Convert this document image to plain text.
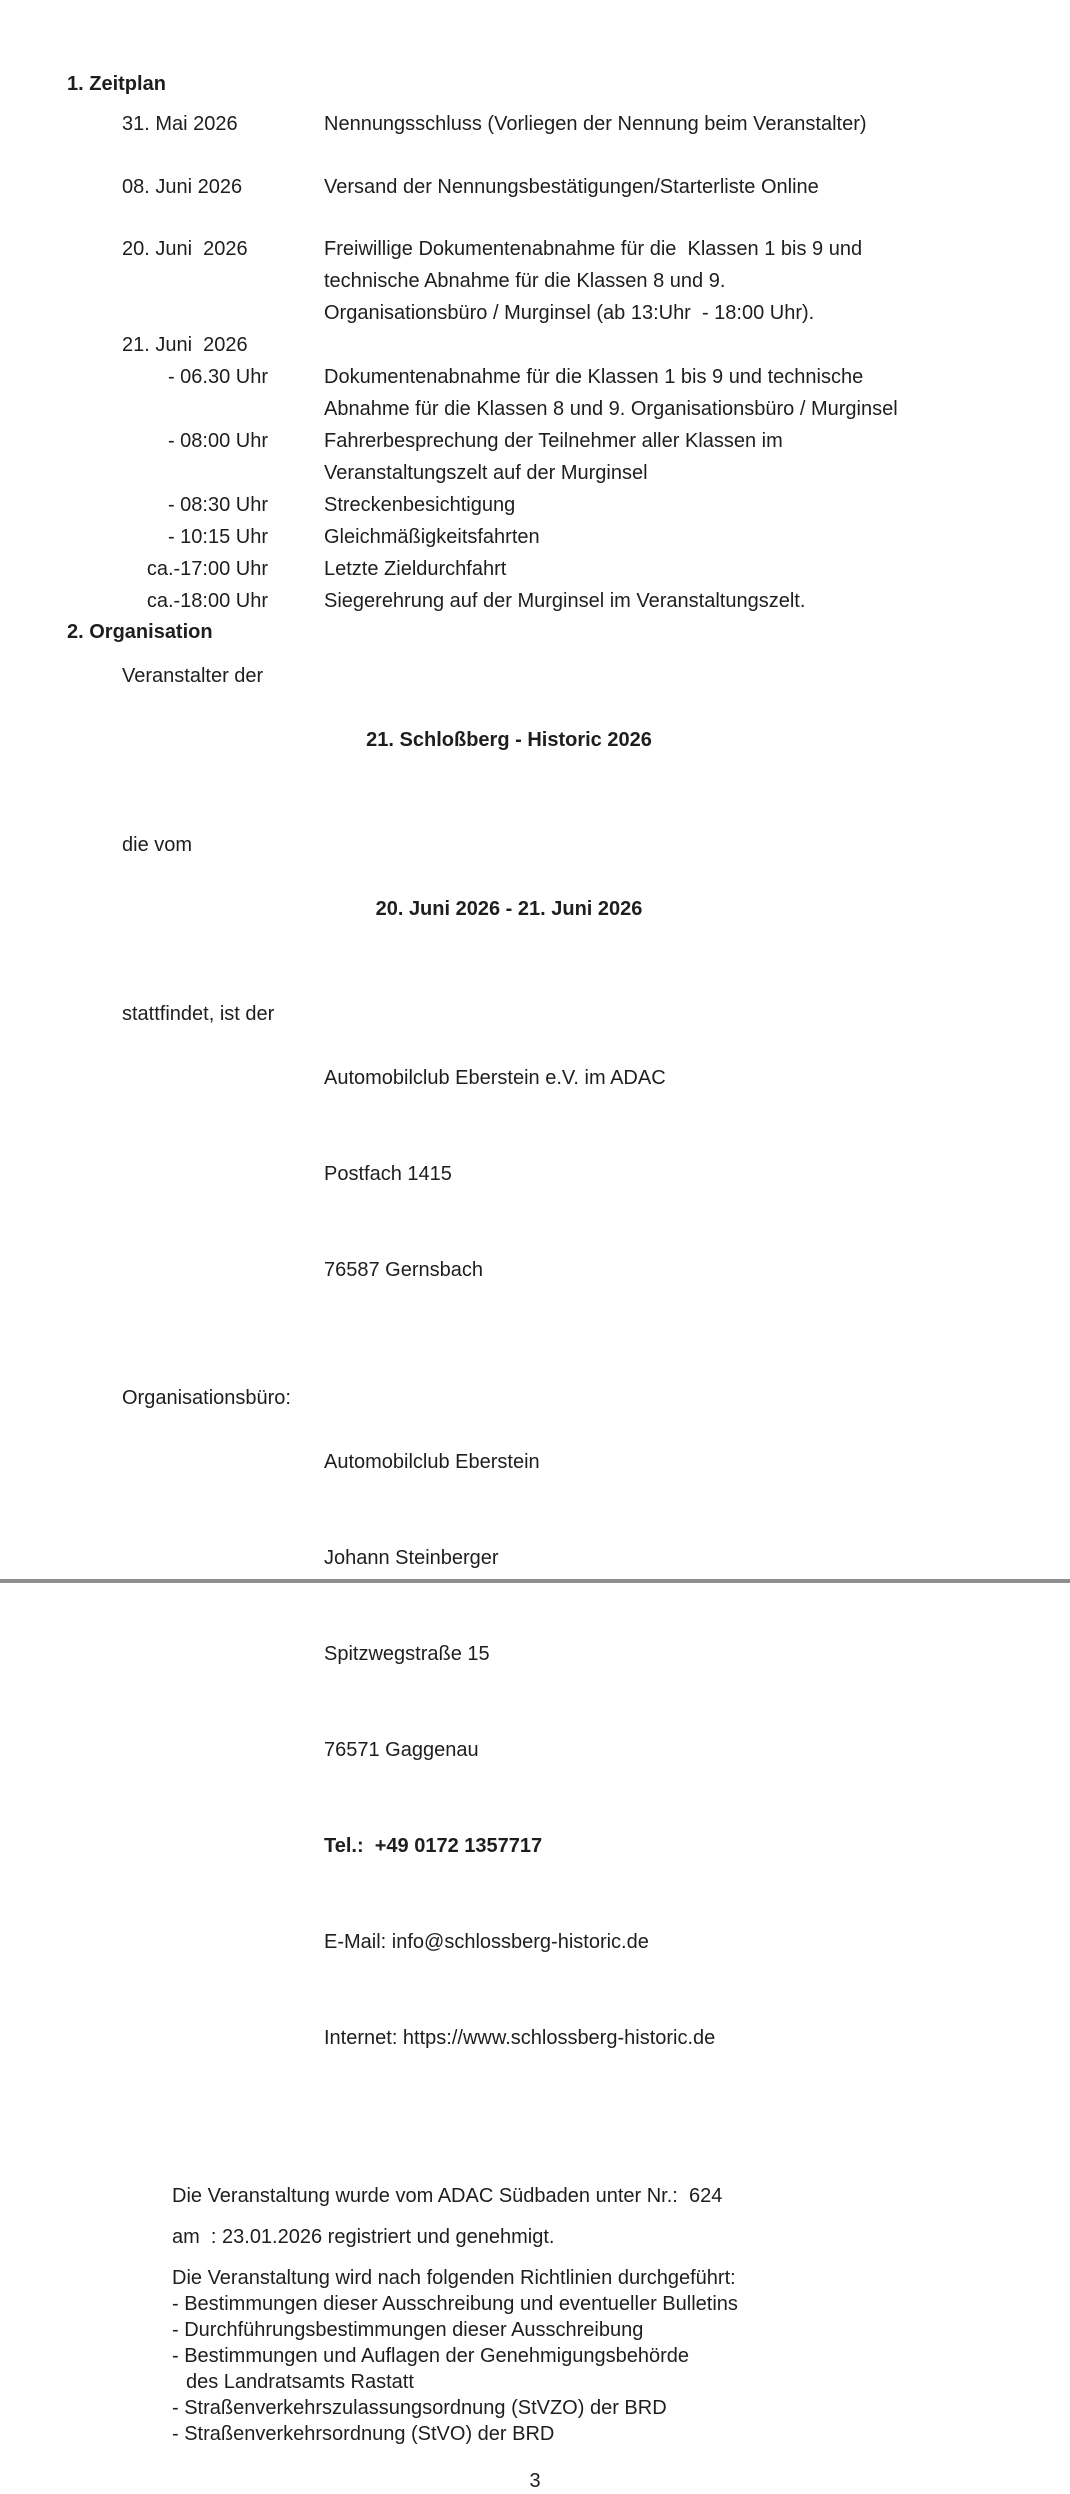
1. Zeitplan
31. Mai 2026	Nennungsschluss (Vorliegen der Nennung beim Veranstalter)
08. Juni 2026	Versand der Nennungsbestätigungen/Starterliste Online
20. Juni  2026	Freiwillige Dokumentenabnahme für die  Klassen 1 bis 9 und
technische Abnahme für die Klassen 8 und 9.
Organisationsbüro / Murginsel (ab 13:Uhr  - 18:00 Uhr).
21. Juni  2026
- 06.30 Uhr	Dokumentenabnahme für die Klassen 1 bis 9 und technische
Abnahme für die Klassen 8 und 9. Organisationsbüro / Murginsel
- 08:00 Uhr	Fahrerbesprechung der Teilnehmer aller Klassen im
Veranstaltungszelt auf der Murginsel
- 08:30 Uhr	Streckenbesichtigung
- 10:15 Uhr	Gleichmäßigkeitsfahrten
ca.-17:00 Uhr	Letzte Zieldurchfahrt
ca.-18:00 Uhr	Siegerehrung auf der Murginsel im Veranstaltungszelt.
2. Organisation
Veranstalter der

21. Schloßberg - Historic 2026

die vom

20. Juni 2026 - 21. Juni 2026

stattfindet, ist der

Automobilclub Eberstein e.V. im ADAC

Postfach 1415

76587 Gernsbach

Organisationsbüro:

Automobilclub Eberstein

Johann Steinberger

Spitzwegstraße 15

76571 Gaggenau

Tel.:  +49 0172 1357717

E-Mail: info@schlossberg-historic.de

Internet: https://www.schlossberg-historic.de

Die Veranstaltung wurde vom ADAC Südbaden unter Nr.:  624
am  : 23.01.2026 registriert und genehmigt.
Die Veranstaltung wird nach folgenden Richtlinien durchgeführt:
- Bestimmungen dieser Ausschreibung und eventueller Bulletins
- Durchführungsbestimmungen dieser Ausschreibung
- Bestimmungen und Auflagen der Genehmigungsbehörde
des Landratsamts Rastatt
- Straßenverkehrszulassungsordnung (StVZO) der BRD
- Straßenverkehrsordnung (StVO) der BRD
3
